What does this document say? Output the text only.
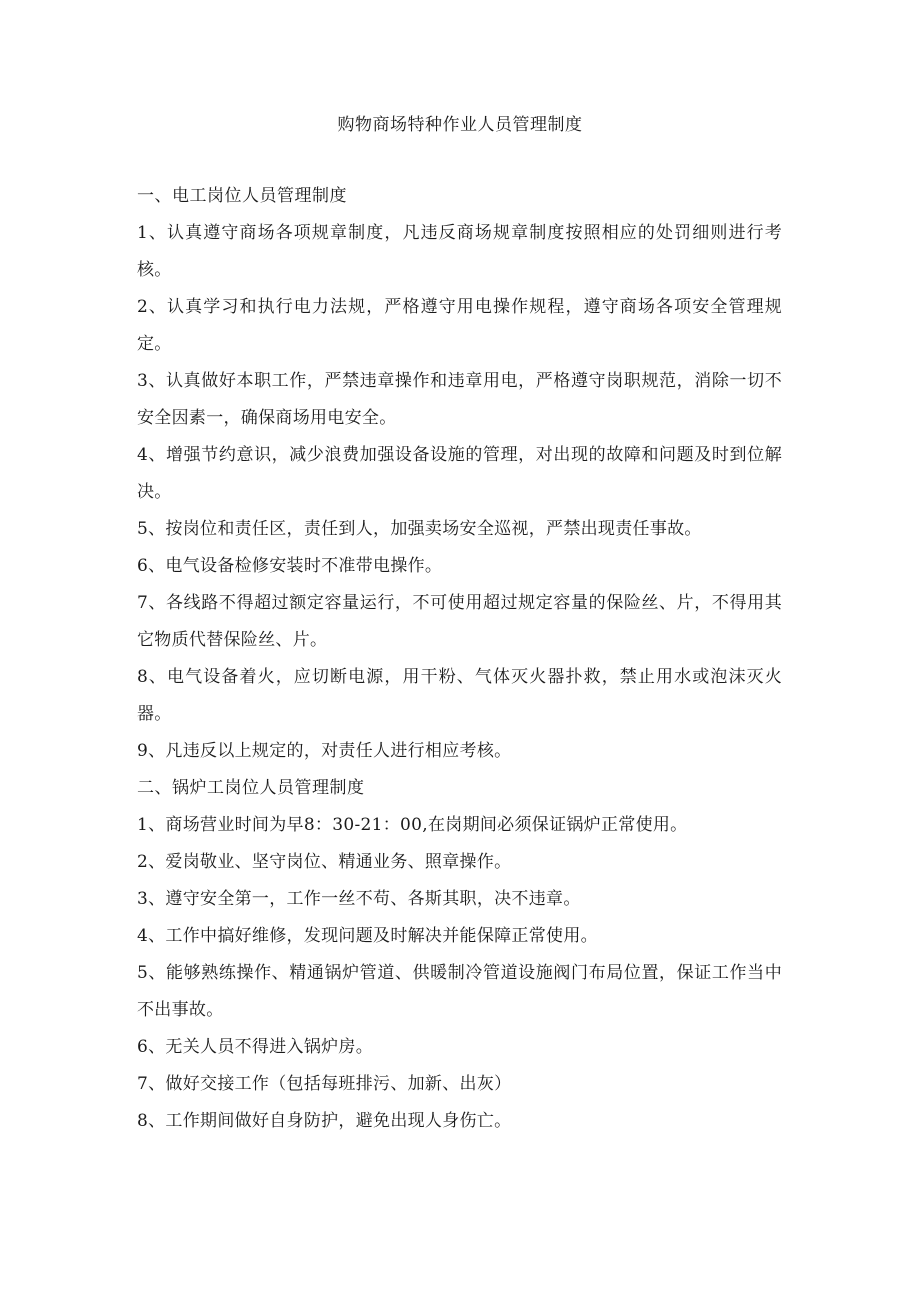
购物商场特种作业人员管理制度

一、电工岗位人员管理制度

1、认真遵守商场各项规章制度，凡违反商场规章制度按照相应的处罚细则进行考核。

2、认真学习和执行电力法规，严格遵守用电操作规程，遵守商场各项安全管理规定。

3、认真做好本职工作，严禁违章操作和违章用电，严格遵守岗职规范，消除一切不安全因素一，确保商场用电安全。

4、增强节约意识，减少浪费加强设备设施的管理，对出现的故障和问题及时到位解决。

5、按岗位和责任区，责任到人，加强卖场安全巡视，严禁出现责任事故。

6、电气设备检修安装时不准带电操作。

7、各线路不得超过额定容量运行，不可使用超过规定容量的保险丝、片，不得用其它物质代替保险丝、片。

8、电气设备着火，应切断电源，用干粉、气体灭火器扑救，禁止用水或泡沫灭火器。

9、凡违反以上规定的，对责任人进行相应考核。

二、锅炉工岗位人员管理制度

1、商场营业时间为早8：30-21：00,在岗期间必须保证锅炉正常使用。

2、爱岗敬业、坚守岗位、精通业务、照章操作。

3、遵守安全第一，工作一丝不苟、各斯其职，决不违章。

4、工作中搞好维修，发现问题及时解决并能保障正常使用。

5、能够熟练操作、精通锅炉管道、供暖制冷管道设施阀门布局位置，保证工作当中不出事故。

6、无关人员不得进入锅炉房。

7、做好交接工作（包括每班排污、加新、出灰）

8、工作期间做好自身防护，避免出现人身伤亡。
